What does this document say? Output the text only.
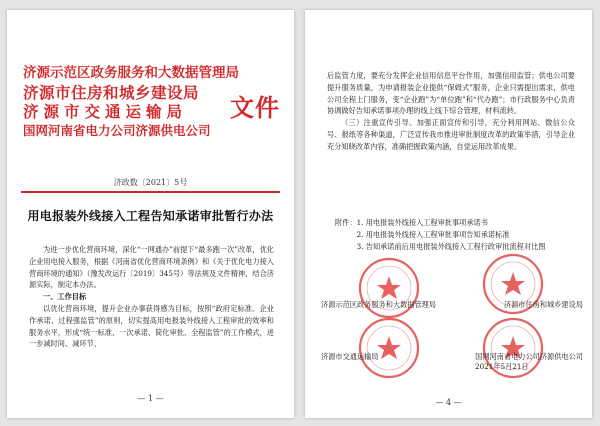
济源示范区政务服务和大数据管理局
济源市住房和城乡建设局
济源市交通运输局
国网河南省电力公司济源供电公司
文件
济政数〔2021〕5号
用电报装外线接入工程告知承诺审批暂行办法

为进一步优化营商环境，深化“一网通办”前提下“最多跑一次”改革，优化企业用电接入服务，根据《河南省优化营商环境条例》和《关于优化电力接入营商环境的通知》（豫发改运行〔2019〕345号）等法规及文件精神，结合济源实际，制定本办法。

一、工作目标

以优化营商环境，提升企业办事获得感为目标，按照“政府定标准、企业作承诺、过程强监管”的原则，切实提高用电报装外线接入工程审批的效率和服务水平，形成“统一标准、一次承诺、简化审批、全程监管”的工作模式，进一步减时间、减环节、

— 1 —

后监管力度，要充分发挥企业信用信息平台作用，加强信用监管；供电公司要提升服务质量，为申请报装企业提供“保姆式”服务，企业只需提出需求，供电公司全程上门服务，变“企业跑”为“单位跑”和“代办跑”；市行政服务中心负责协调做好告知承诺事项办理的线上线下综合管理，材料流转。

（三）注重宣传引导。加强正面宣传和引导，充分利用网站、微信公众号、报纸等各种渠道，广泛宣传我市推进审批制度改革的政策举措，引导企业充分知晓改革内容，准确把握政策内涵，自觉运用改革成果。

附件： 1. 用电报装外线接入工程审批事项承诺书
2. 用电报装外线接入工程审批事项告知承诺标准
3. 告知承诺前后用电报装外线接入工程行政审批流程对比图
济源示范区政务服务和大数据管理局	济源市住房和城乡建设局
济源市交通运输局	国网河南省电力公司济源供电公司
2021年5月21日
— 4 —
